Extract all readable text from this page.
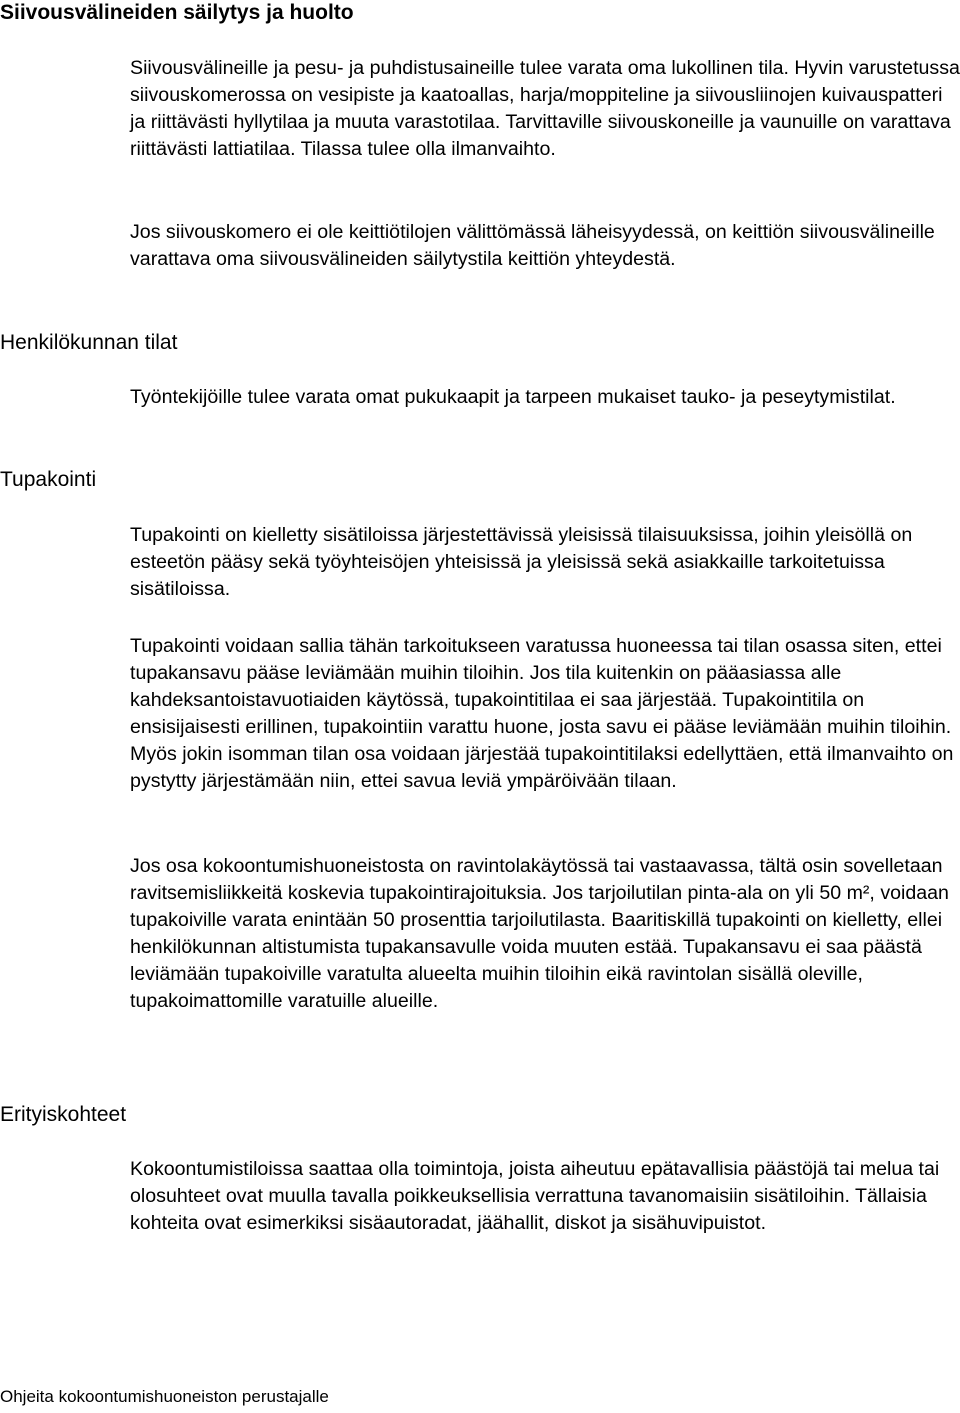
Siivousvälineiden säilytys ja huolto

Siivousvälineille ja pesu- ja puhdistusaineille tulee varata oma lukollinen tila. Hyvin varustetussa siivouskomerossa on vesipiste ja kaatoallas, harja/moppiteline ja siivousliinojen kuivauspatteri ja riittävästi hyllytilaa ja muuta varastotilaa. Tarvittaville siivouskoneille ja vaunuille on varattava riittävästi lattiatilaa. Tilassa tulee olla ilmanvaihto.

Jos siivouskomero ei ole keittiötilojen välittömässä läheisyydessä, on keittiön siivousvälineille varattava oma siivousvälineiden säilytystila keittiön yhteydestä.

Henkilökunnan tilat

Työntekijöille tulee varata omat pukukaapit ja tarpeen mukaiset tauko- ja peseytymistilat.

Tupakointi

Tupakointi on kielletty sisätiloissa järjestettävissä yleisissä tilaisuuksissa, joihin yleisöllä on esteetön pääsy sekä työyhteisöjen yhteisissä ja yleisissä sekä asiakkaille tarkoitetuissa sisätiloissa.

Tupakointi voidaan sallia tähän tarkoitukseen varatussa huoneessa tai tilan osassa siten, ettei tupakansavu pääse leviämään muihin tiloihin. Jos tila kuitenkin on pääasiassa alle kahdeksantoistavuotiaiden käytössä, tupakointitilaa ei saa järjestää. Tupakointitila on ensisijaisesti erillinen, tupakointiin varattu huone, josta savu ei pääse leviämään muihin tiloihin. Myös jokin isomman tilan osa voidaan järjestää tupakointitilaksi edellyttäen, että ilmanvaihto on pystytty järjestämään niin, ettei savua leviä ympäröivään tilaan.

Jos osa kokoontumishuoneistosta on ravintolakäytössä tai vastaavassa, tältä osin sovelletaan ravitsemisliikkeitä koskevia tupakointirajoituksia. Jos tarjoilutilan pinta-ala on yli 50 m², voidaan tupakoiville varata enintään 50 prosenttia tarjoilutilasta. Baaritiskillä tupakointi on kielletty, ellei henkilökunnan altistumista tupakansavulle voida muuten estää. Tupakansavu ei saa päästä leviämään tupakoiville varatulta alueelta muihin tiloihin eikä ravintolan sisällä oleville, tupakoimattomille varatuille alueille.

Erityiskohteet

Kokoontumistiloissa saattaa olla toimintoja, joista aiheutuu epätavallisia päästöjä tai melua tai olosuhteet ovat muulla tavalla poikkeuksellisia verrattuna tavanomaisiin sisätiloihin. Tällaisia kohteita ovat esimerkiksi sisäautoradat, jäähallit, diskot ja sisähuvipuistot.

Ohjeita kokoontumishuoneiston perustajalle
